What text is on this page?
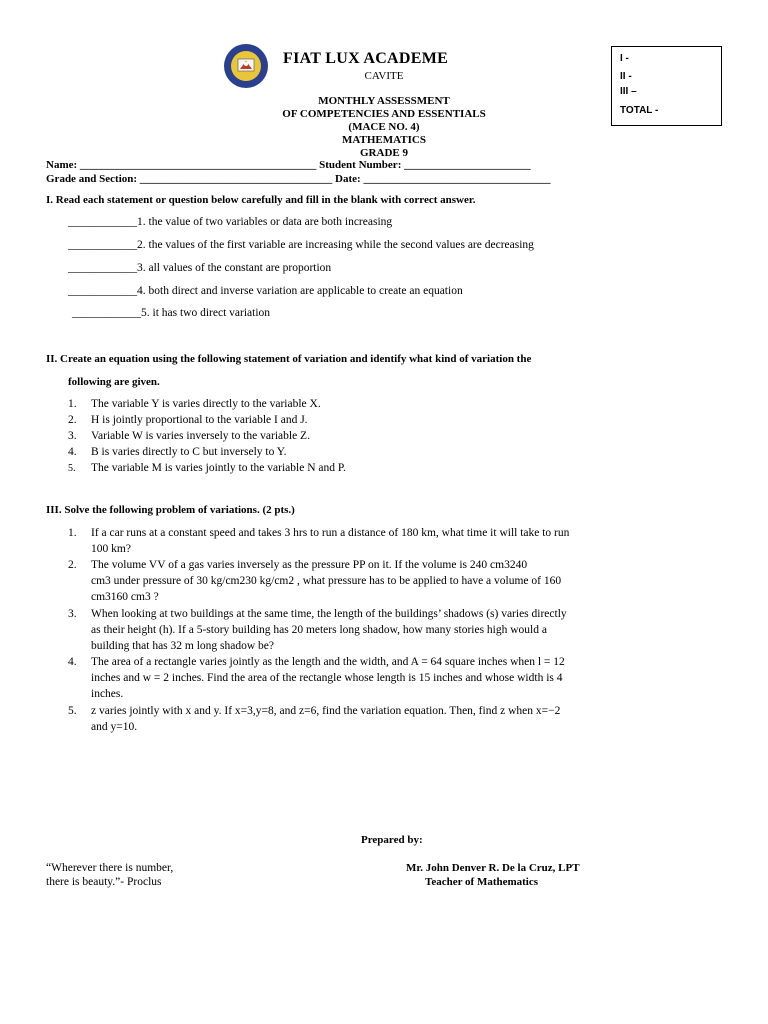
FIAT LUX ACADEME
CAVITE
MONTHLY ASSESSMENT
OF COMPETENCIES AND ESSENTIALS
(MACE NO. 4)
MATHEMATICS
GRADE 9
I -
II -
III –
TOTAL -
Name: ___________________________________________ Student Number: _______________________
Grade and Section: ___________________________________ Date: __________________________________
I. Read each statement or question below carefully and fill in the blank with correct answer.
____________1. the value of two variables or data are both increasing
____________2. the values of the first variable are increasing while the second values are decreasing
____________3. all values of the constant are proportion
____________4. both direct and inverse variation are applicable to create an equation
____________5. it has two direct variation
II. Create an equation using the following statement of variation and identify what kind of variation the
following are given.
1. The variable Y is varies directly to the variable X.
2. H is jointly proportional to the variable I and J.
3. Variable W is varies inversely to the variable Z.
4. B is varies directly to C but inversely to Y.
5. The variable M is varies jointly to the variable N and P.
III. Solve the following problem of variations. (2 pts.)
1. If a car runs at a constant speed and takes 3 hrs to run a distance of 180 km, what time it will take to run
100 km?
2. The volume VV of a gas varies inversely as the pressure PP on it. If the volume is 240 cm3240
cm3 under pressure of 30 kg/cm230 kg/cm2 , what pressure has to be applied to have a volume of 160
cm3160 cm3 ?
3. When looking at two buildings at the same time, the length of the buildings’ shadows (s) varies directly
as their height (h). If a 5-story building has 20 meters long shadow, how many stories high would a
building that has 32 m long shadow be?
4. The area of a rectangle varies jointly as the length and the width, and A = 64 square inches when l = 12
inches and w = 2 inches. Find the area of the rectangle whose length is 15 inches and whose width is 4
inches.
5. z varies jointly with x and y. If x=3,y=8, and z=6, find the variation equation. Then, find z when x=−2
and y=10.
Prepared by:
“Wherever there is number,
there is beauty.”- Proclus
Mr. John Denver R. De la Cruz, LPT
Teacher of Mathematics
